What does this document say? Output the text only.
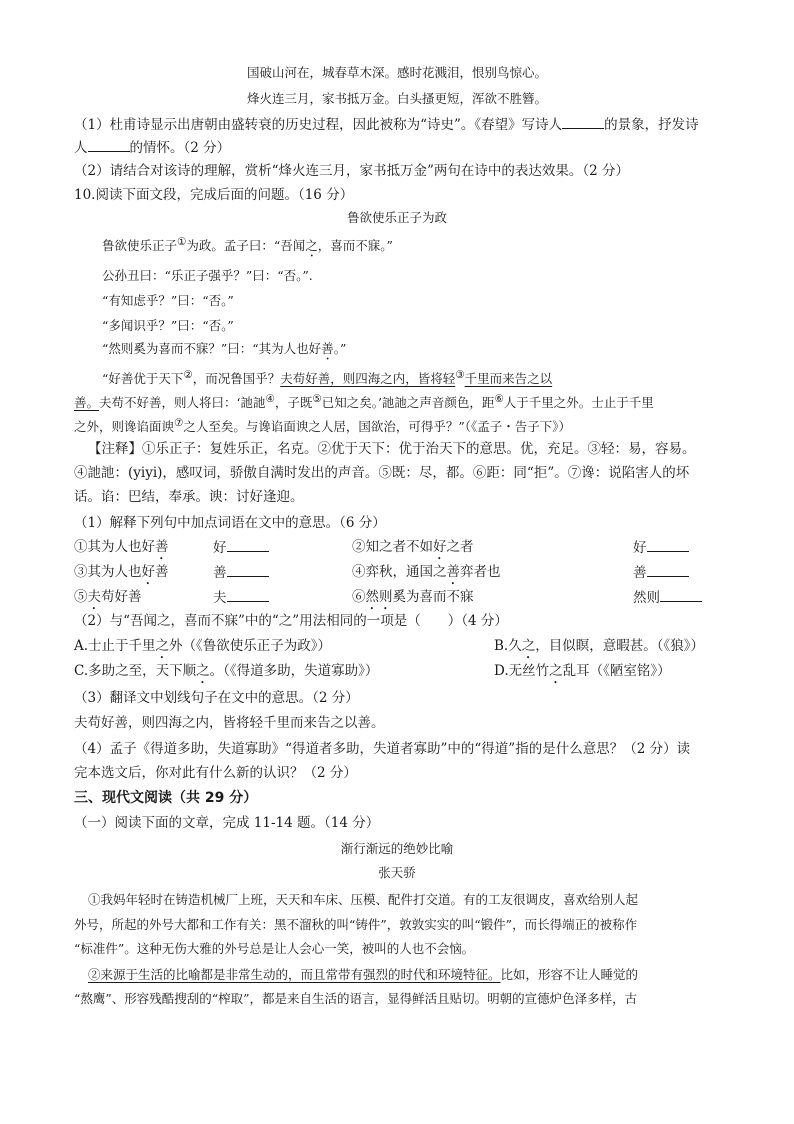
国破山河在，城春草木深。感时花溅泪，恨别鸟惊心。
烽火连三月，家书抵万金。白头搔更短，浑欲不胜簪。
（1）杜甫诗显示出唐朝由盛转衰的历史过程，因此被称为“诗史”。《春望》写诗人	的景象，抒发诗
人	的情怀。（2 分）
（2）请结合对该诗的理解，赏析“烽火连三月，家书抵万金”两句在诗中的表达效果。（2 分）
10.阅读下面文段，完成后面的问题。（16 分）
鲁欲使乐正子为政
鲁欲使乐正子①为政。孟子曰：“吾闻之，喜而不寐。”
公孙丑曰：“乐正子强乎？”曰：“否。”.
“有知虑乎？”曰：“否。”
“多闻识乎？”曰：“否。”
“然则奚为喜而不寐？”曰：“其为人也好善。”
“好善优于天下②，而况鲁国乎？夫苟好善，则四海之内，皆将轻③千里而来告之以
善。夫苟不好善，则人将曰：‘訑訑④，子既⑤已知之矣。’訑訑之声音颜色，距⑥人于千里之外。士止于千里
之外，则谗谄面谀⑦之人至矣。与谗谄面谀之人居，国欲治，可得乎？”（《孟子・告子下》）
【注释】①乐正子：复姓乐正，名克。②优于天下：优于治天下的意思。优，充足。③轻：易，容易。
④訑訑：(yiyi)，感叹词，骄傲自满时发出的声音。⑤既：尽，都。⑥距：同“拒”。⑦谗：说陷害人的坏
话。谄：巴结，奉承。谀：讨好逢迎。
（1）解释下列句中加点词语在文中的意思。（6 分）
①其为人也好善	好	②知之者不如好之者	好
③其为人也好善	善	④弈秋，通国之善弈者也	善
⑤夫苟好善	夫	⑥然则奚为喜而不寐	然则
（2）与“吾闻之，喜而不寐”中的“之”用法相同的一项是（　　）（4 分）
A.士止于千里之外（《鲁欲使乐正子为政》）	B.久之，目似瞑，意暇甚。（《狼》）
C.多助之至，天下顺之。（《得道多助，失道寡助》）	D.无丝竹之乱耳（《陋室铭》）
（3）翻译文中划线句子在文中的意思。（2 分）
夫苟好善，则四海之内，皆将轻千里而来告之以善。
（4）孟子《得道多助，失道寡助》“得道者多助，失道者寡助”中的“得道”指的是什么意思？（2 分）读
完本选文后，你对此有什么新的认识？（2 分）
三、现代文阅读（共 29 分）
（一）阅读下面的文章，完成 11-14 题。（14 分）
渐行渐远的绝妙比喻
张天骄
①我妈年轻时在铸造机械厂上班，天天和车床、压模、配件打交道。有的工友很调皮，喜欢给别人起
外号，所起的外号大都和工作有关：黑不溜秋的叫“铸件”，敦敦实实的叫“锻件”，而长得端正的被称作
“标准件”。这种无伤大雅的外号总是让人会心一笑，被叫的人也不会恼。
②来源于生活的比喻都是非常生动的，而且常带有强烈的时代和环境特征。比如，形容不让人睡觉的
“熬鹰”、形容残酷搜刮的“榨取”，都是来自生活的语言，显得鲜活且贴切。明朝的宣德炉色泽多样，古
